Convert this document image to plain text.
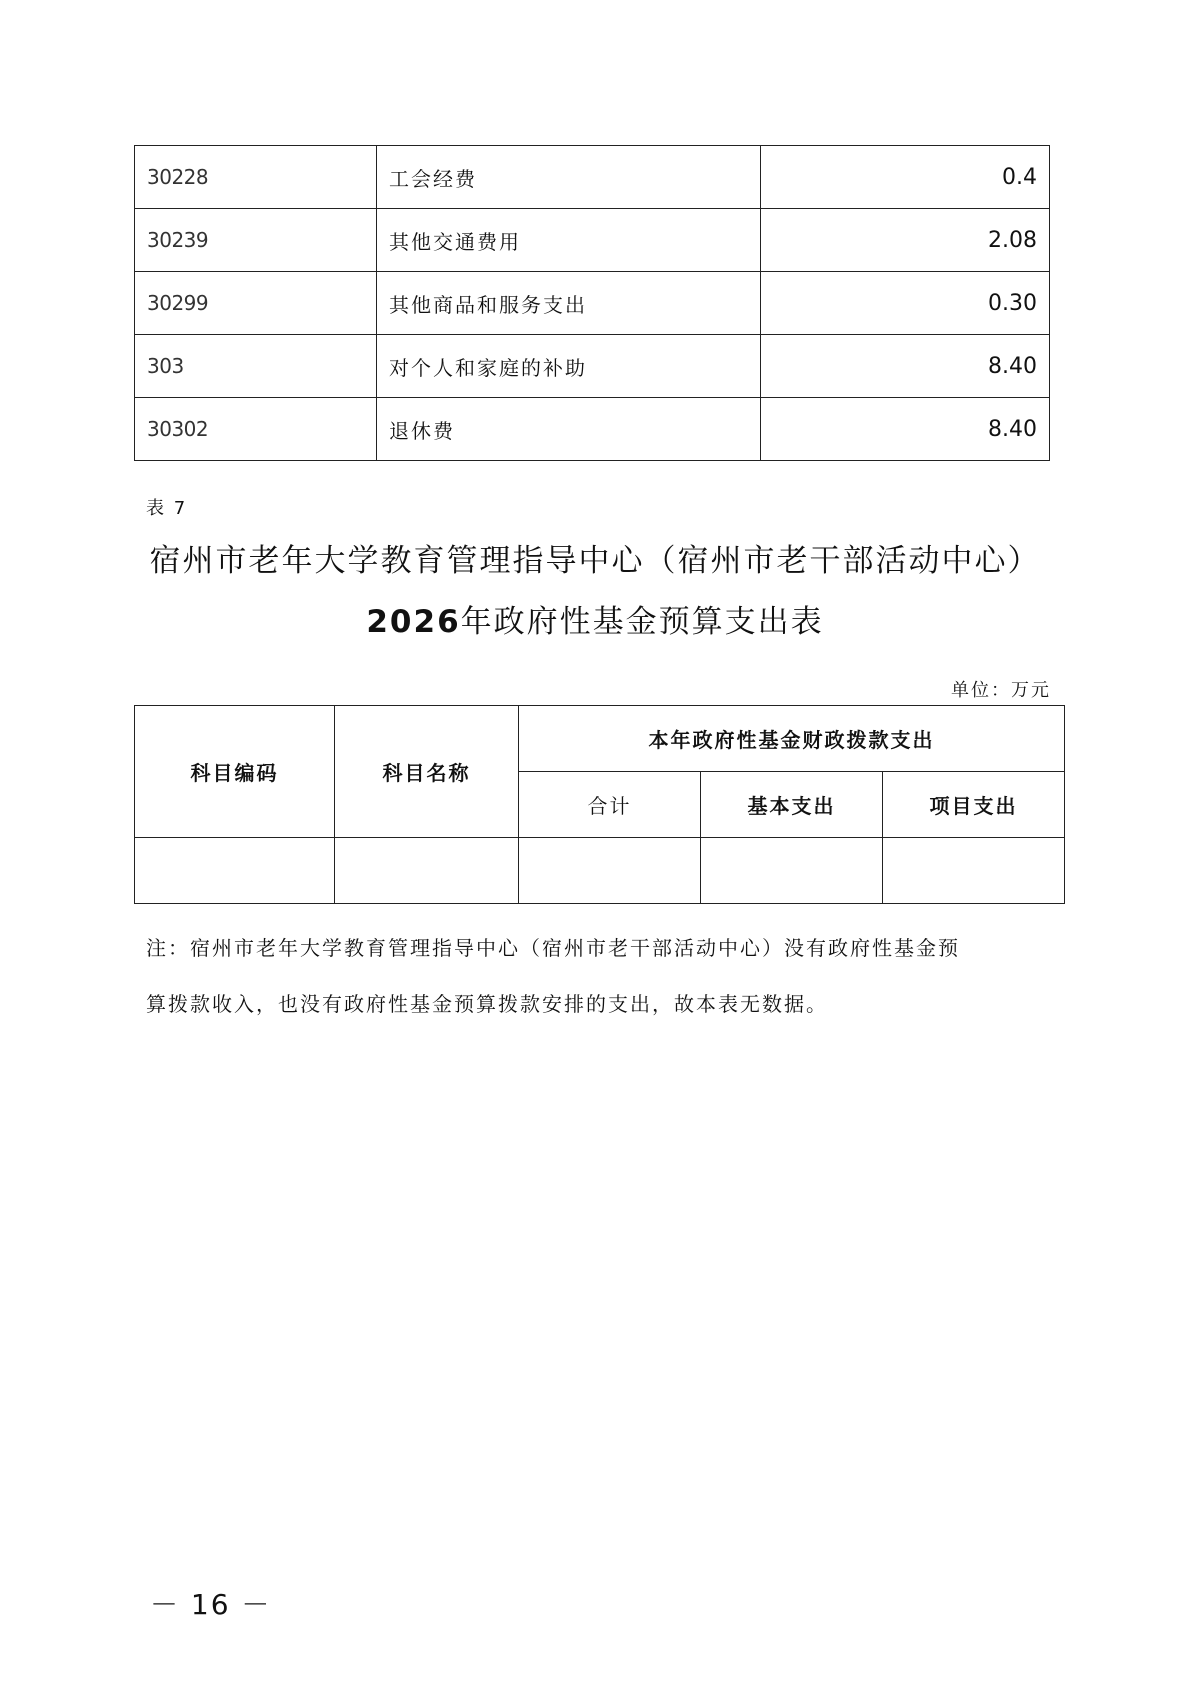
30228	工会经费	0.4
30239	其他交通费用	2.08
30299	其他商品和服务支出	0.30
303	对个人和家庭的补助	8.40
30302	退休费	8.40
表 7
宿州市老年大学教育管理指导中心（宿州市老干部活动中心）
2026年政府性基金预算支出表
单位：万元
科目编码	科目名称	本年政府性基金财政拨款支出		
		合计	基本支出	项目支出

注：宿州市老年大学教育管理指导中心（宿州市老干部活动中心）没有政府性基金预
算拨款收入，也没有政府性基金预算拨款安排的支出，故本表无数据。
－ 16 －
